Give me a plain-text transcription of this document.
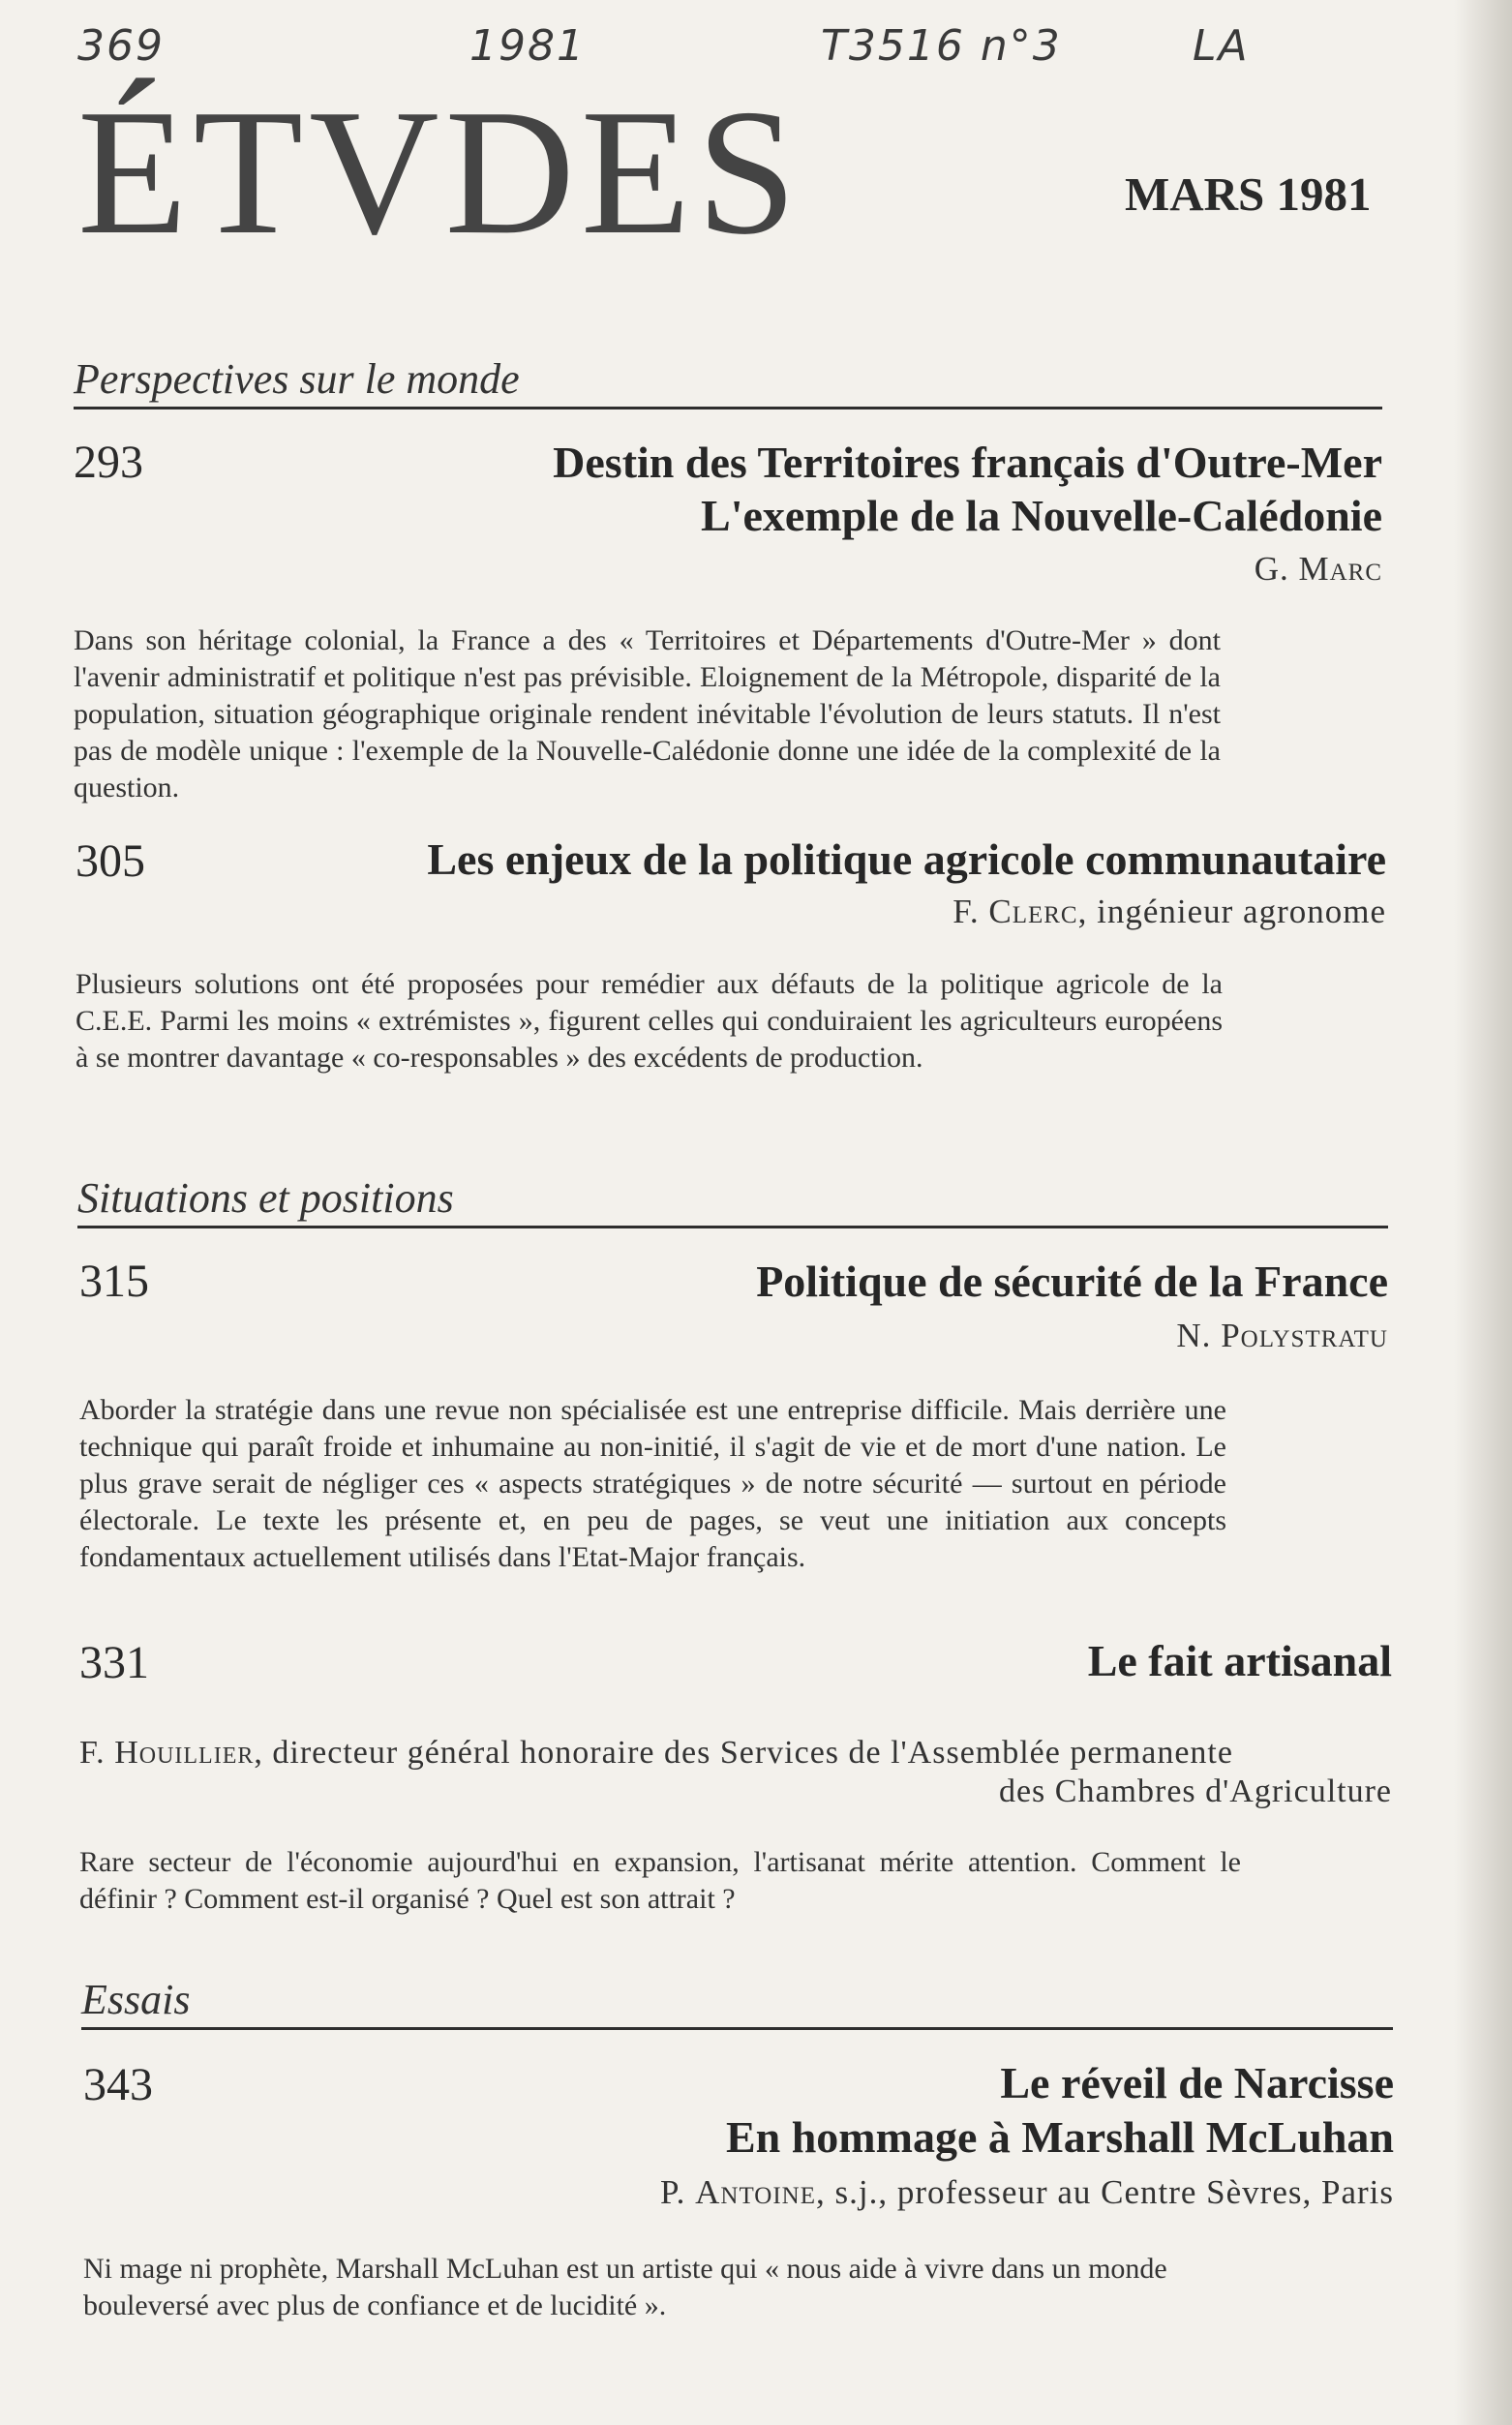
369	1981	T3516 n°3	LA
ÉTVDES	MARS 1981
Perspectives sur le monde
293	Destin des Territoires français d'Outre-Mer
L'exemple de la Nouvelle-Calédonie
G. Marc
Dans son héritage colonial, la France a des « Territoires et Départements d'Outre-Mer » dont l'avenir administratif et politique n'est pas prévisible. Eloignement de la Métropole, disparité de la population, situation géographique originale rendent inévitable l'évolution de leurs statuts. Il n'est pas de modèle unique : l'exemple de la Nouvelle-Calédonie donne une idée de la complexité de la question.
305	Les enjeux de la politique agricole communautaire
F. Clerc, ingénieur agronome
Plusieurs solutions ont été proposées pour remédier aux défauts de la politique agricole de la C.E.E. Parmi les moins « extrémistes », figurent celles qui conduiraient les agriculteurs européens à se montrer davantage « co-responsables » des excédents de production.
Situations et positions
315	Politique de sécurité de la France
N. Polystratu
Aborder la stratégie dans une revue non spécialisée est une entreprise difficile. Mais derrière une technique qui paraît froide et inhumaine au non-initié, il s'agit de vie et de mort d'une nation. Le plus grave serait de négliger ces « aspects stratégiques » de notre sécurité — surtout en période électorale. Le texte les présente et, en peu de pages, se veut une initiation aux concepts fondamentaux actuellement utilisés dans l'Etat-Major français.
331	Le fait artisanal
F. Houillier, directeur général honoraire des Services de l'Assemblée permanente
des Chambres d'Agriculture
Rare secteur de l'économie aujourd'hui en expansion, l'artisanat mérite attention. Comment le définir ? Comment est-il organisé ? Quel est son attrait ?
Essais
343	Le réveil de Narcisse
En hommage à Marshall McLuhan
P. Antoine, s.j., professeur au Centre Sèvres, Paris
Ni mage ni prophète, Marshall McLuhan est un artiste qui « nous aide à vivre dans un monde bouleversé avec plus de confiance et de lucidité ».
